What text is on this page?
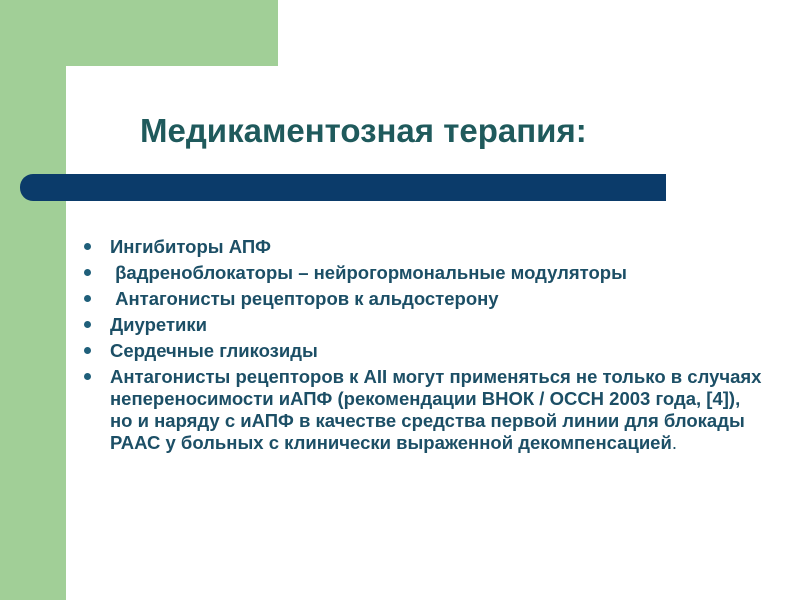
Медикаментозная терапия:
Ингибиторы АПФ
βадреноблокаторы – нейрогормональные модуляторы
Антагонисты рецепторов к альдостерону
Диуретики
Сердечные гликозиды
Антагонисты рецепторов к AII могут применяться не только в случаях непереносимости иАПФ (рекомендации ВНОК / ОССН 2003 года, [4]), но и наряду с иАПФ в качестве средства первой линии для блокады РААС у больных с клинически выраженной декомпенсацией.
